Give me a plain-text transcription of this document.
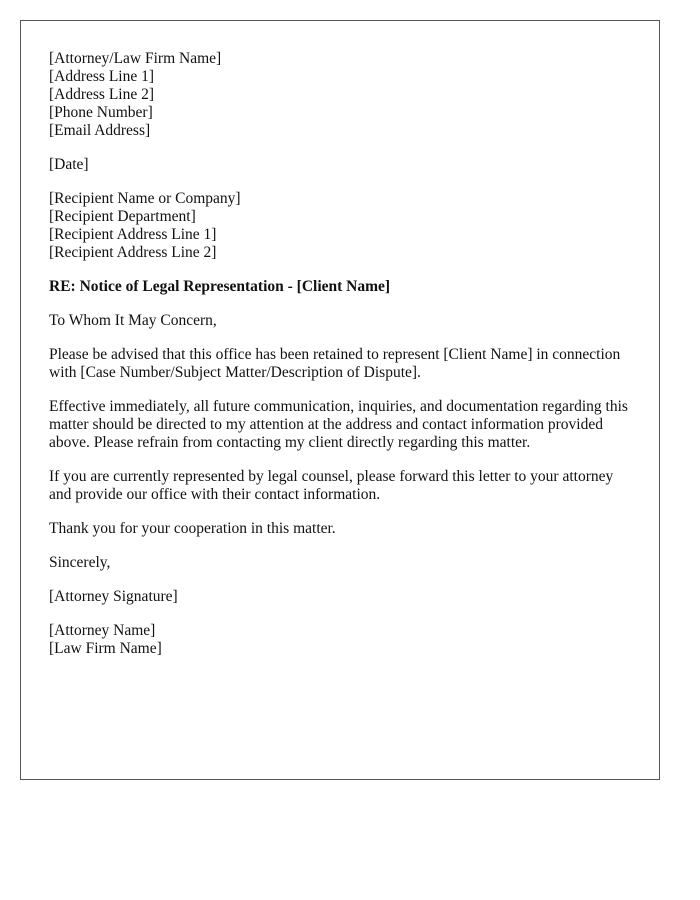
[Attorney/Law Firm Name]
[Address Line 1]
[Address Line 2]
[Phone Number]
[Email Address]
[Date]
[Recipient Name or Company]
[Recipient Department]
[Recipient Address Line 1]
[Recipient Address Line 2]
RE: Notice of Legal Representation - [Client Name]
To Whom It May Concern,

Please be advised that this office has been retained to represent [Client Name] in connection with [Case Number/Subject Matter/Description of Dispute].

Effective immediately, all future communication, inquiries, and documentation regarding this matter should be directed to my attention at the address and contact information provided above. Please refrain from contacting my client directly regarding this matter.

If you are currently represented by legal counsel, please forward this letter to your attorney and provide our office with their contact information.

Thank you for your cooperation in this matter.

Sincerely,
[Attorney Signature]
[Attorney Name]
[Law Firm Name]
